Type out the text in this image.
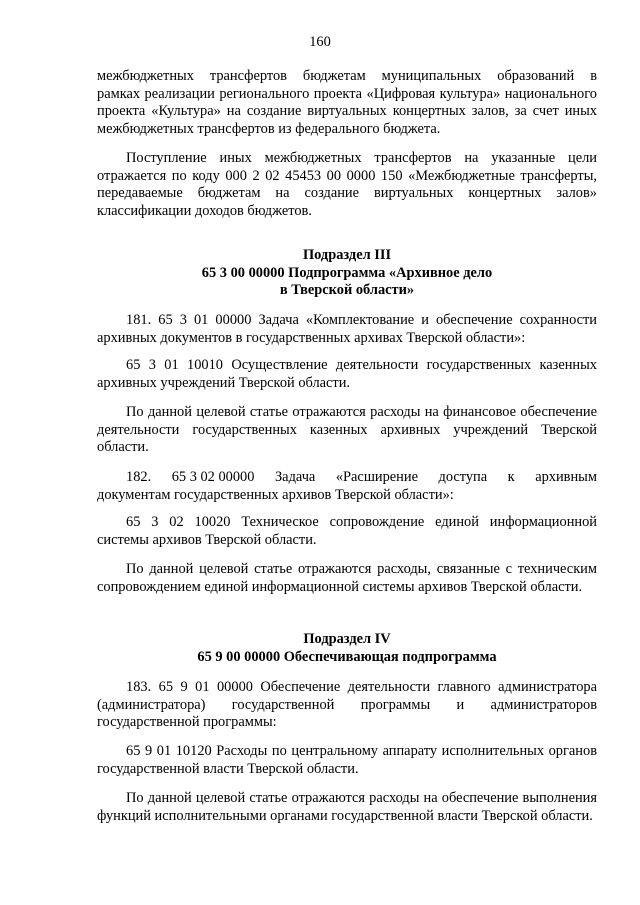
160

межбюджетных трансфертов бюджетам муниципальных образований в
рамках реализации регионального проекта «Цифровая культура» национального проекта «Культура» на создание виртуальных концертных залов, за счет иных межбюджетных трансфертов из федерального бюджета.

Поступление иных межбюджетных трансфертов на указанные цели отражается по коду 000 2 02 45453 00 0000 150 «Межбюджетные трансферты, передаваемые бюджетам на создание виртуальных концертных залов» классификации доходов бюджетов.

Подраздел III
65 3 00 00000 Подпрограмма «Архивное дело
в Тверской области»

181. 65 3 01 00000 Задача «Комплектование и обеспечение сохранности архивных документов в государственных архивах Тверской области»:

65 3 01 10010 Осуществление деятельности государственных казенных архивных учреждений Тверской области.

По данной целевой статье отражаются расходы на финансовое обеспечение деятельности государственных казенных архивных учреждений Тверской области.

182. 65 3 02 00000 Задача «Расширение доступа к архивным
документам государственных архивов Тверской области»:

65 3 02 10020 Техническое сопровождение единой информационной системы архивов Тверской области.

По данной целевой статье отражаются расходы, связанные с техническим сопровождением единой информационной системы архивов Тверской области.

Подраздел IV
65 9 00 00000 Обеспечивающая подпрограмма

183. 65 9 01 00000 Обеспечение деятельности главного администратора (администратора) государственной программы и администраторов государственной программы:

65 9 01 10120 Расходы по центральному аппарату исполнительных органов государственной власти Тверской области.

По данной целевой статье отражаются расходы на обеспечение выполнения функций исполнительными органами государственной власти Тверской области.
